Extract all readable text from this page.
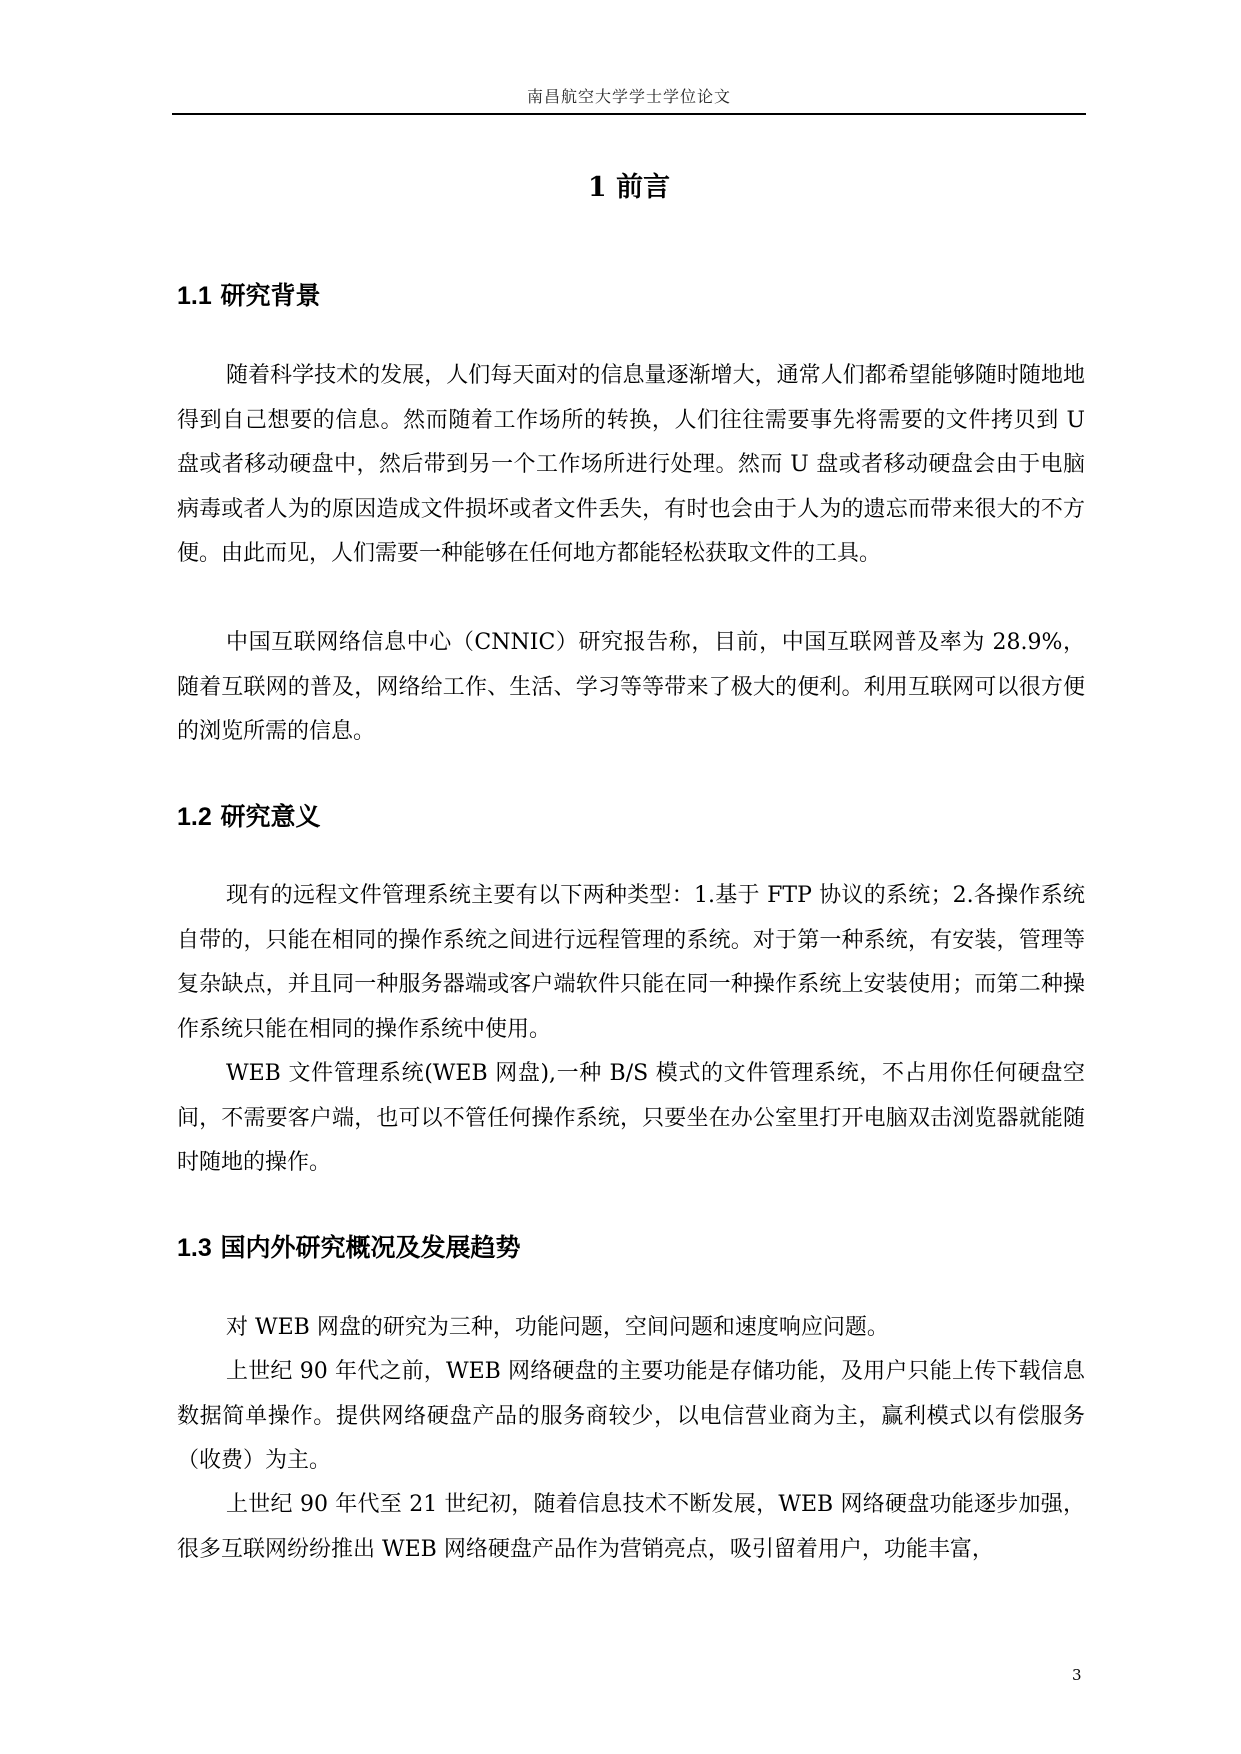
南昌航空大学学士学位论文
1 前言
1.1 研究背景

随着科学技术的发展，人们每天面对的信息量逐渐增大，通常人们都希望能够随时随地地得到自己想要的信息。然而随着工作场所的转换，人们往往需要事先将需要的文件拷贝到 U 盘或者移动硬盘中，然后带到另一个工作场所进行处理。然而 U 盘或者移动硬盘会由于电脑病毒或者人为的原因造成文件损坏或者文件丢失，有时也会由于人为的遗忘而带来很大的不方便。由此而见，人们需要一种能够在任何地方都能轻松获取文件的工具。

中国互联网络信息中心（CNNIC）研究报告称，目前，中国互联网普及率为 28.9%，随着互联网的普及，网络给工作、生活、学习等等带来了极大的便利。利用互联网可以很方便的浏览所需的信息。

1.2 研究意义

现有的远程文件管理系统主要有以下两种类型：1.基于 FTP 协议的系统；2.各操作系统自带的，只能在相同的操作系统之间进行远程管理的系统。对于第一种系统，有安装，管理等复杂缺点，并且同一种服务器端或客户端软件只能在同一种操作系统上安装使用；而第二种操作系统只能在相同的操作系统中使用。

WEB 文件管理系统(WEB 网盘),一种 B/S 模式的文件管理系统，不占用你任何硬盘空间，不需要客户端，也可以不管任何操作系统，只要坐在办公室里打开电脑双击浏览器就能随时随地的操作。

1.3 国内外研究概况及发展趋势

对 WEB 网盘的研究为三种，功能问题，空间问题和速度响应问题。

上世纪 90 年代之前，WEB 网络硬盘的主要功能是存储功能，及用户只能上传下载信息数据简单操作。提供网络硬盘产品的服务商较少，以电信营业商为主，赢利模式以有偿服务（收费）为主。

上世纪 90 年代至 21 世纪初，随着信息技术不断发展，WEB 网络硬盘功能逐步加强，很多互联网纷纷推出 WEB 网络硬盘产品作为营销亮点，吸引留着用户，功能丰富，

3
